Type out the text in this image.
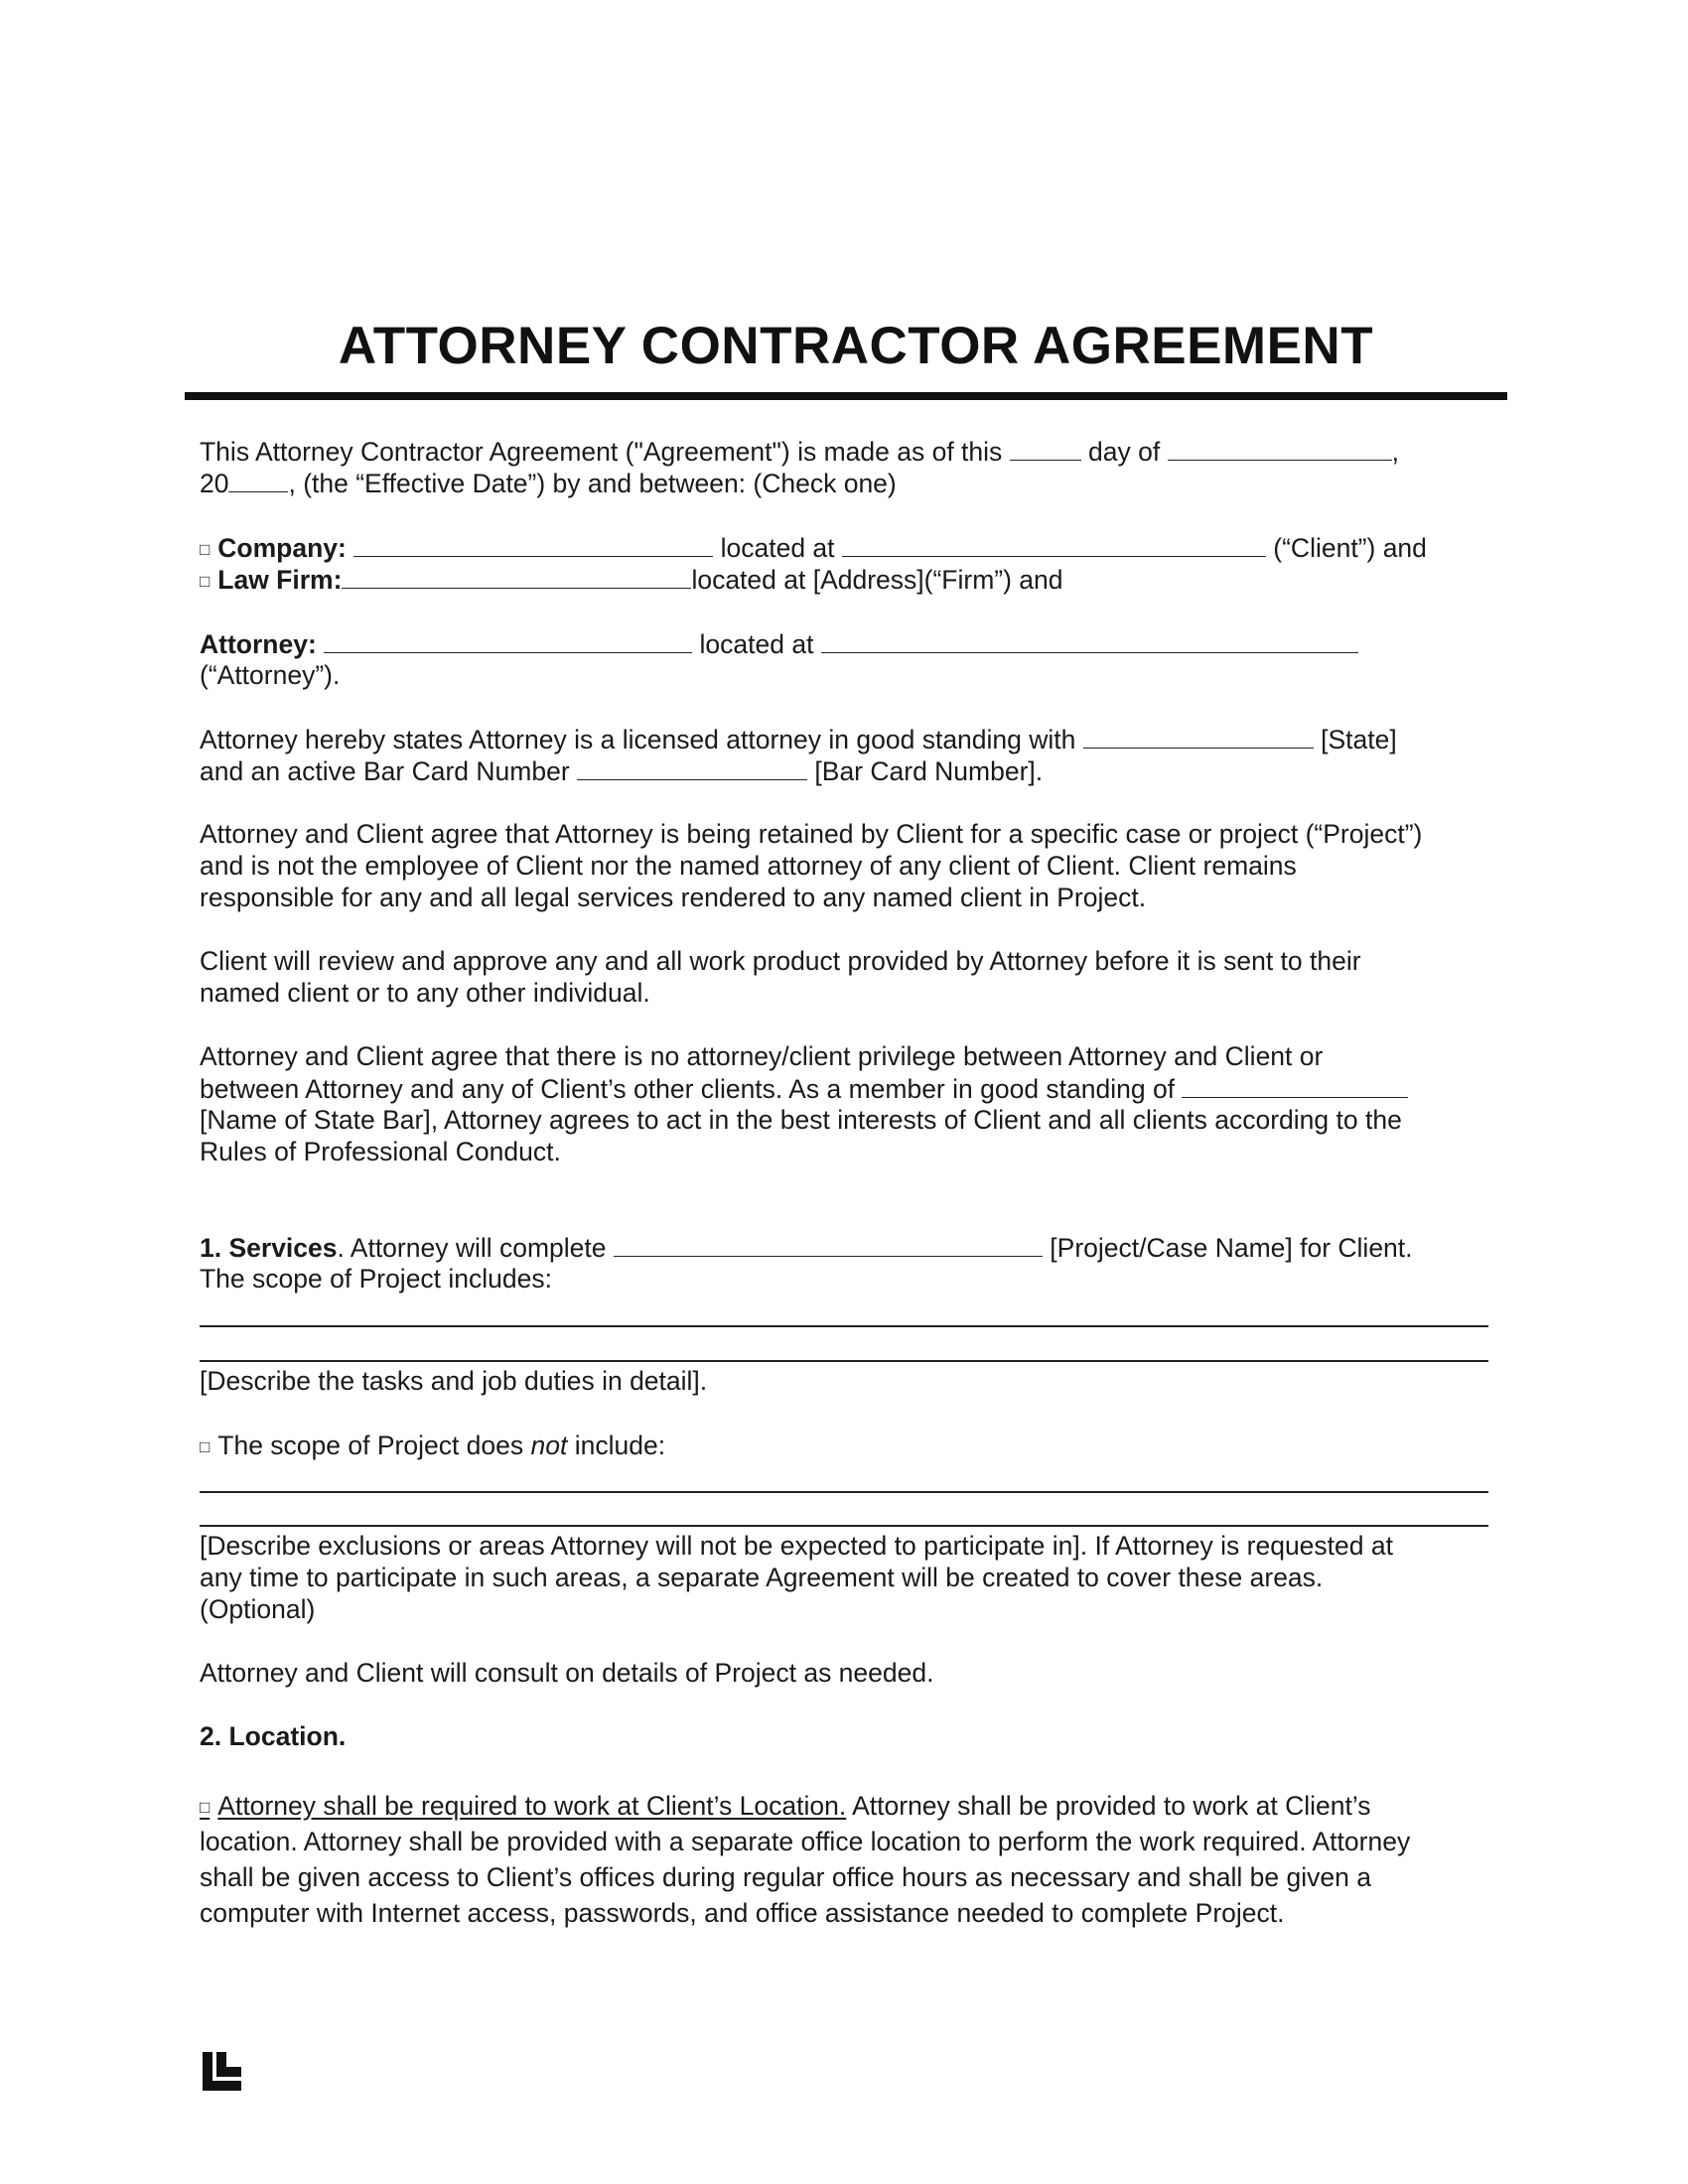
ATTORNEY CONTRACTOR AGREEMENT
This Attorney Contractor Agreement ("Agreement") is made as of this	day of	,
20 , (the “Effective Date”) by and between: (Check one)
□ Company:	located at	(“Client”) and
□ Law Firm:	located at [Address](“Firm”) and
Attorney:	located at
(“Attorney”).
Attorney hereby states Attorney is a licensed attorney in good standing with	[State]
and an active Bar Card Number	[Bar Card Number].
Attorney and Client agree that Attorney is being retained by Client for a specific case or project (“Project”)
and is not the employee of Client nor the named attorney of any client of Client. Client remains
responsible for any and all legal services rendered to any named client in Project.
Client will review and approve any and all work product provided by Attorney before it is sent to their
named client or to any other individual.
Attorney and Client agree that there is no attorney/client privilege between Attorney and Client or
between Attorney and any of Client’s other clients. As a member in good standing of
[Name of State Bar], Attorney agrees to act in the best interests of Client and all clients according to the
Rules of Professional Conduct.
1. Services. Attorney will complete	[Project/Case Name] for Client.
The scope of Project includes:
[Describe the tasks and job duties in detail].
□ The scope of Project does not include:
[Describe exclusions or areas Attorney will not be expected to participate in]. If Attorney is requested at
any time to participate in such areas, a separate Agreement will be created to cover these areas.
(Optional)
Attorney and Client will consult on details of Project as needed.
2. Location.
□ Attorney shall be required to work at Client’s Location. Attorney shall be provided to work at Client’s
location. Attorney shall be provided with a separate office location to perform the work required. Attorney
shall be given access to Client’s offices during regular office hours as necessary and shall be given a
computer with Internet access, passwords, and office assistance needed to complete Project.
